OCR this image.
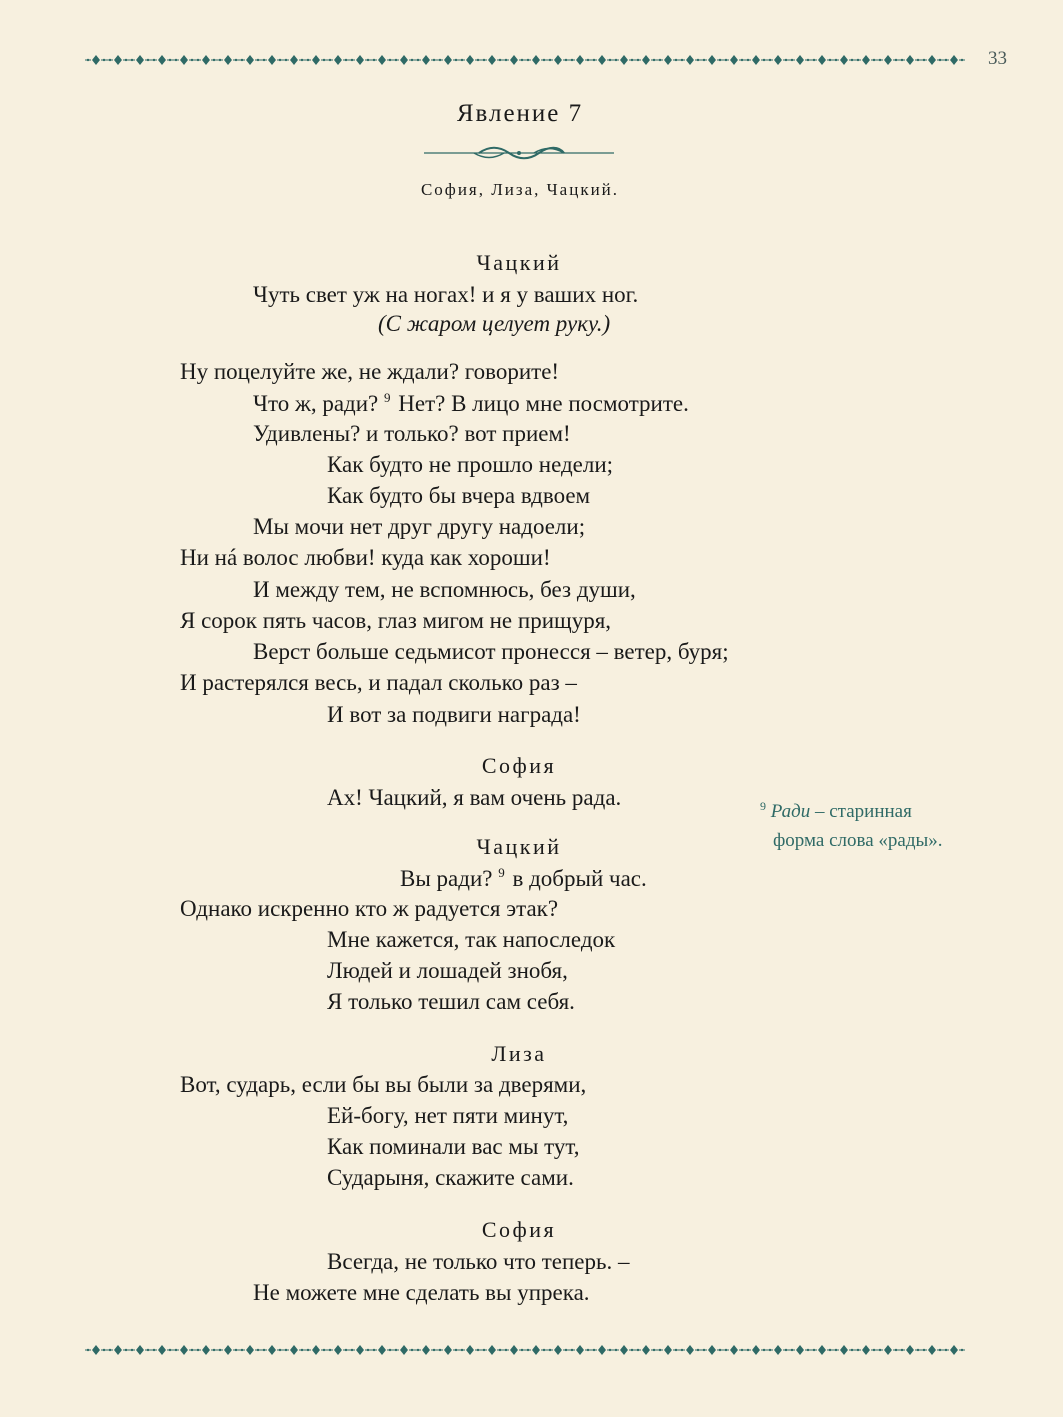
33
Явление 7
София, Лиза, Чацкий.
Чацкий
Чуть свет уж на ногах! и я у ваших ног.
(С жаром целует руку.)
Ну поцелуйте же, не ждали? говорите!
Что ж, ради? $^9$ Нет? В лицо мне посмотрите.
Удивлены? и только? вот прием!
Как будто не прошло недели;
Как будто бы вчера вдвоем
Мы мочи нет друг другу надоели;
Ни нá волос любви! куда как хороши!
И между тем, не вспомнюсь, без души,
Я сорок пять часов, глаз мигом не прищуря,
Верст больше седьмисот пронесся – ветер, буря;
И растерялся весь, и падал сколько раз –
И вот за подвиги награда!
София
Ах! Чацкий, я вам очень рада.
Чацкий
Вы ради? $^9$ в добрый час.
Однако искренно кто ж радуется этак?
Мне кажется, так напоследок
Людей и лошадей знобя,
Я только тешил сам себя.
Лиза
Вот, сударь, если бы вы были за дверями,
Ей-богу, нет пяти минут,
Как поминали вас мы тут,
Сударыня, скажите сами.
София
Всегда, не только что теперь. –
Не можете мне сделать вы упрека.
$^9$ Ради – старинная
форма слова «рады».
